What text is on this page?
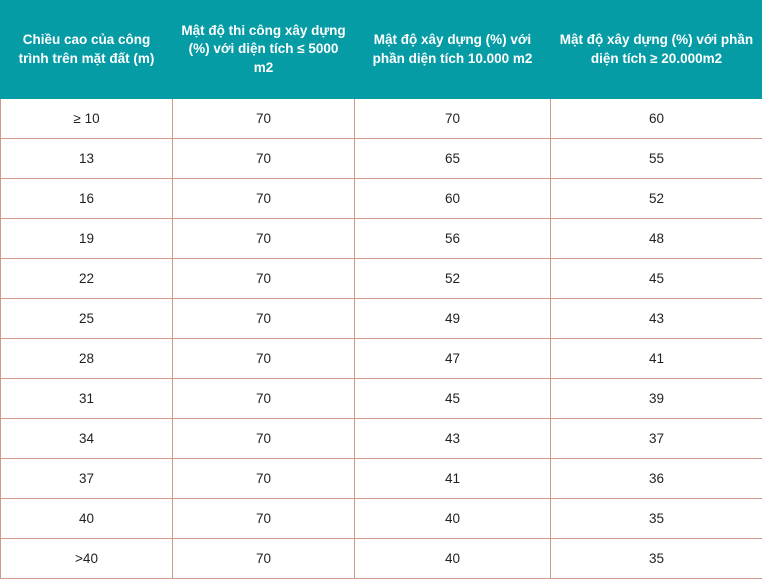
Chiều cao của công trình trên mặt đất (m)	Mật độ thi công xây dựng (%) với diện tích ≤ 5000 m2	Mật độ xây dựng (%) với phần diện tích 10.000 m2	Mật độ xây dựng (%) với phần diện tích ≥ 20.000m2
≥ 10	70	70	60
13	70	65	55
16	70	60	52
19	70	56	48
22	70	52	45
25	70	49	43
28	70	47	41
31	70	45	39
34	70	43	37
37	70	41	36
40	70	40	35
>40	70	40	35
